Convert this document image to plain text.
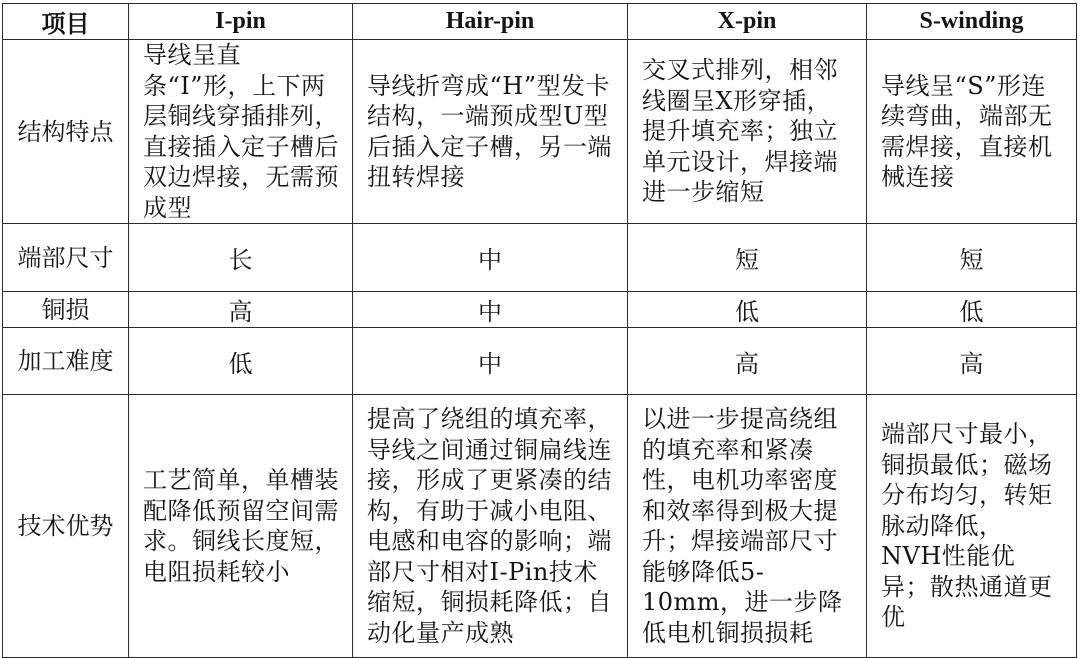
项目	I-pin	Hair-pin	X-pin	S-winding
结构特点	导线呈直条“I”形，上下两层铜线穿插排列，直接插入定子槽后双边焊接，无需预成型	导线折弯成“H”型发卡结构，一端预成型U型后插入定子槽，另一端扭转焊接	交叉式排列，相邻线圈呈X形穿插，提升填充率；独立单元设计，焊接端进一步缩短	导线呈“S”形连续弯曲，端部无需焊接，直接机械连接
端部尺寸	长	中	短	短
铜损	高	中	低	低
加工难度	低	中	高	高
技术优势	工艺简单，单槽装配降低预留空间需求。铜线长度短，电阻损耗较小	提高了绕组的填充率，导线之间通过铜扁线连接，形成了更紧凑的结构，有助于减小电阻、电感和电容的影响；端部尺寸相对I-Pin技术缩短，铜损耗降低；自动化量产成熟	以进一步提高绕组的填充率和紧凑性，电机功率密度和效率得到极大提升；焊接端部尺寸能够降低5-10mm，进一步降低电机铜损损耗	端部尺寸最小，铜损最低；磁场分布均匀，转矩脉动降低，NVH性能优异；散热通道更优
